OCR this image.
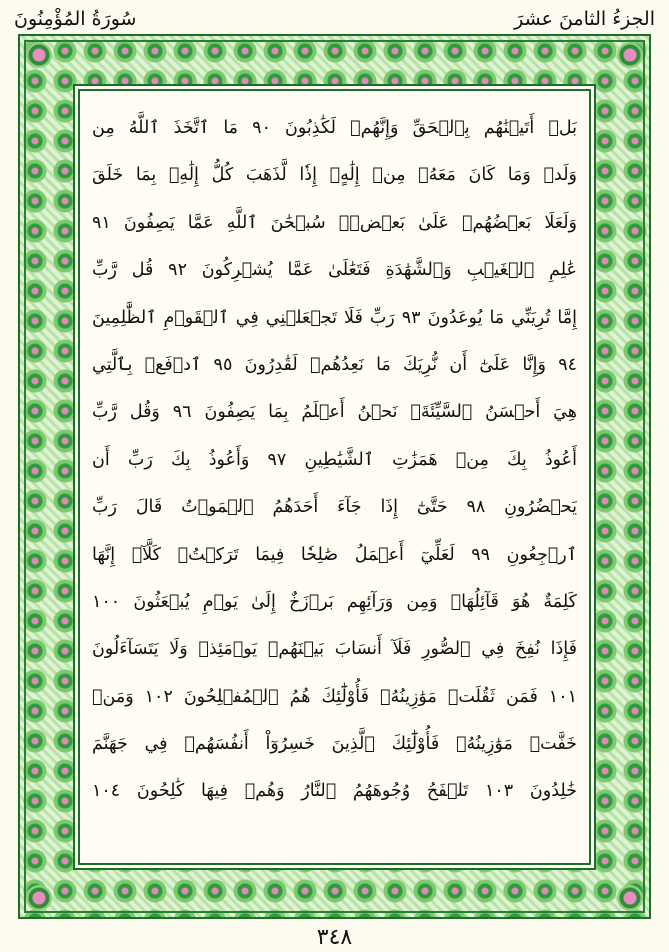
سُورَةُ المُؤْمِنُونَ	الجزءُ الثامنَ عشرَ
بَلۡ أَتَيۡنَٰهُم بِٱلۡحَقِّ وَإِنَّهُمۡ لَكَٰذِبُونَ ٩٠ مَا ٱتَّخَذَ ٱللَّهُ مِن
وَلَدٖ وَمَا كَانَ مَعَهُۥ مِنۡ إِلَٰهٍۚ إِذٗا لَّذَهَبَ كُلُّ إِلَٰهِۭ بِمَا خَلَقَ
وَلَعَلَا بَعۡضُهُمۡ عَلَىٰ بَعۡضٖۚ سُبۡحَٰنَ ٱللَّهِ عَمَّا يَصِفُونَ ٩١
عَٰلِمِ ٱلۡغَيۡبِ وَٱلشَّهَٰدَةِ فَتَعَٰلَىٰ عَمَّا يُشۡرِكُونَ ٩٢ قُل رَّبِّ
إِمَّا تُرِيَنِّي مَا يُوعَدُونَ ٩٣ رَبِّ فَلَا تَجۡعَلۡنِي فِي ٱلۡقَوۡمِ ٱلظَّٰلِمِينَ
٩٤ وَإِنَّا عَلَىٰٓ أَن نُّرِيَكَ مَا نَعِدُهُمۡ لَقَٰدِرُونَ ٩٥ ٱدۡفَعۡ بِٱلَّتِي
هِيَ أَحۡسَنُ ٱلسَّيِّئَةَۚ نَحۡنُ أَعۡلَمُ بِمَا يَصِفُونَ ٩٦ وَقُل رَّبِّ
أَعُوذُ بِكَ مِنۡ هَمَزَٰتِ ٱلشَّيَٰطِينِ ٩٧ وَأَعُوذُ بِكَ رَبِّ أَن
يَحۡضُرُونِ ٩٨ حَتَّىٰٓ إِذَا جَآءَ أَحَدَهُمُ ٱلۡمَوۡتُ قَالَ رَبِّ
ٱرۡجِعُونِ ٩٩ لَعَلِّيٓ أَعۡمَلُ صَٰلِحٗا فِيمَا تَرَكۡتُۚ كَلَّآۚ إِنَّهَا
كَلِمَةٌ هُوَ قَآئِلُهَاۖ وَمِن وَرَآئِهِم بَرۡزَخٌ إِلَىٰ يَوۡمِ يُبۡعَثُونَ ١٠٠
فَإِذَا نُفِخَ فِي ٱلصُّورِ فَلَآ أَنسَابَ بَيۡنَهُمۡ يَوۡمَئِذٖ وَلَا يَتَسَآءَلُونَ
١٠١ فَمَن ثَقُلَتۡ مَوَٰزِينُهُۥ فَأُوْلَٰٓئِكَ هُمُ ٱلۡمُفۡلِحُونَ ١٠٢ وَمَنۡ
خَفَّتۡ مَوَٰزِينُهُۥ فَأُوْلَٰٓئِكَ ٱلَّذِينَ خَسِرُوٓاْ أَنفُسَهُمۡ فِي جَهَنَّمَ
خَٰلِدُونَ ١٠٣ تَلۡفَحُ وُجُوهَهُمُ ٱلنَّارُ وَهُمۡ فِيهَا كَٰلِحُونَ ١٠٤
٣٤٨
